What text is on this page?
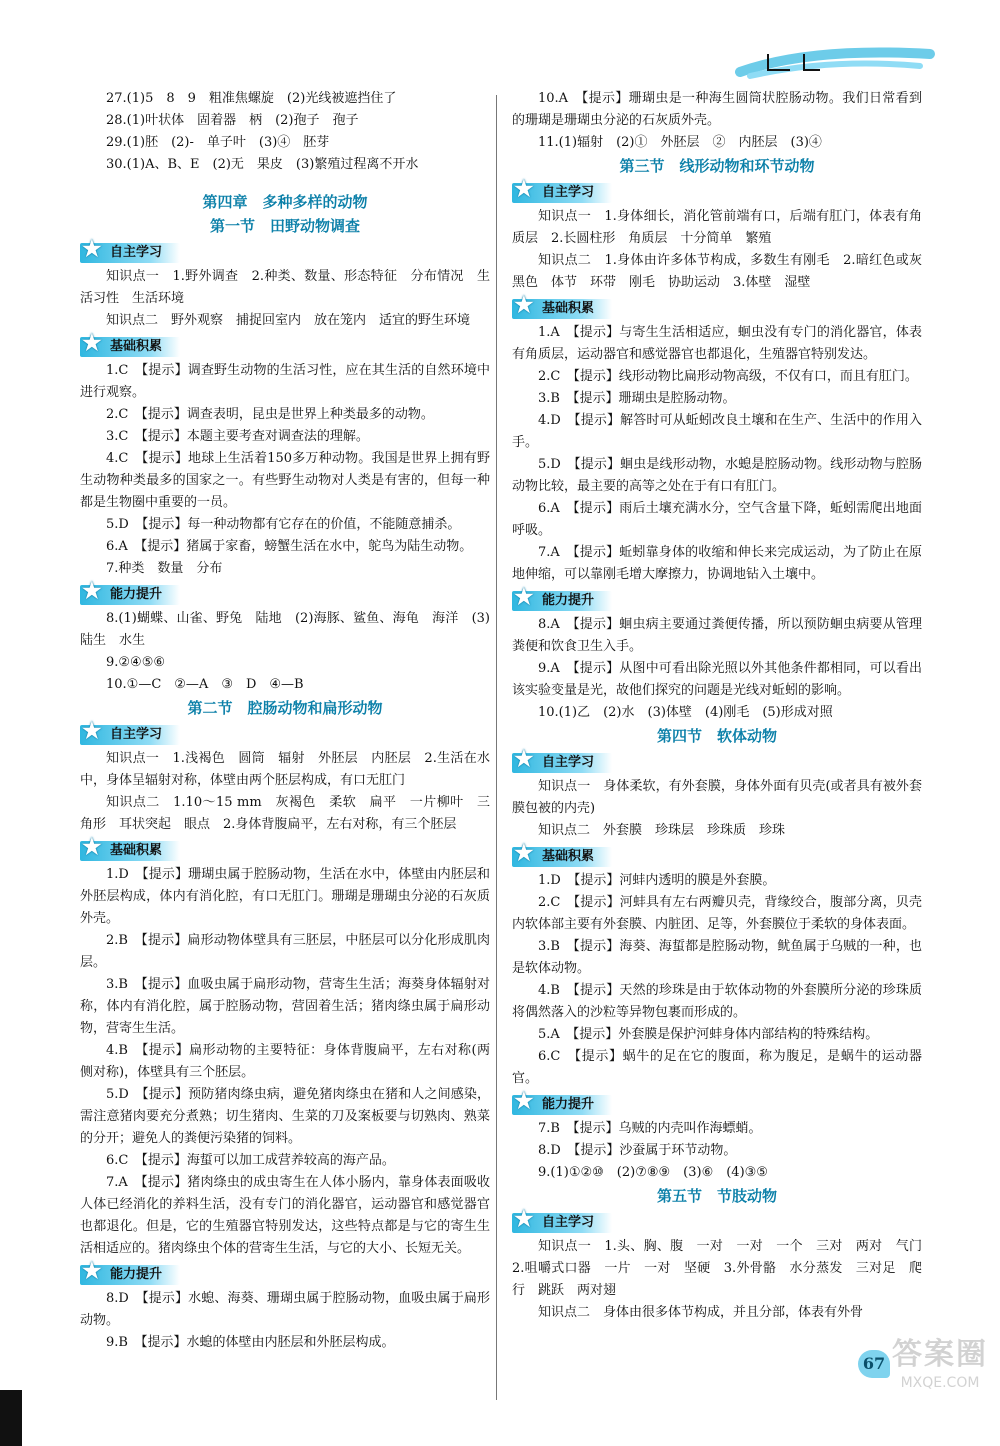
27.(1)5　8　9　粗准焦螺旋　(2)光线被遮挡住了
28.(1)叶状体　固着器　柄　(2)孢子　孢子
29.(1)胚　(2)-　单子叶　(3)④　胚芽
30.(1)A、B、E　(2)无　果皮　(3)繁殖过程离不开水
第四章　多种多样的动物
第一节　田野动物调查
★ 自主学习
知识点一　1.野外调查　2.种类、数量、形态特征　分布情况　生活习性　生活环境
知识点二　野外观察　捕捉回室内　放在笼内　适宜的野生环境
★ 基础积累
1.C　【提示】调查野生动物的生活习性，应在其生活的自然环境中进行观察。
2.C　【提示】调查表明，昆虫是世界上种类最多的动物。
3.C　【提示】本题主要考查对调查法的理解。
4.C　【提示】地球上生活着150多万种动物。我国是世界上拥有野生动物种类最多的国家之一。有些野生动物对人类是有害的，但每一种都是生物圈中重要的一员。
5.D　【提示】每一种动物都有它存在的价值，不能随意捕杀。
6.A　【提示】猪属于家畜，螃蟹生活在水中，鸵鸟为陆生动物。
7.种类　数量　分布
★ 能力提升
8.(1)蝴蝶、山雀、野兔　陆地　(2)海豚、鲨鱼、海龟　海洋　(3)陆生　水生
9.②④⑤⑥
10.①—C　②—A　③　D　④—B
第二节　腔肠动物和扁形动物
★ 自主学习
知识点一　1.浅褐色　圆筒　辐射　外胚层　内胚层　2.生活在水中，身体呈辐射对称，体壁由两个胚层构成，有口无肛门
知识点二　1.10～15 mm　灰褐色　柔软　扁平　一片柳叶　三角形　耳状突起　眼点　2.身体背腹扁平，左右对称，有三个胚层
★ 基础积累
1.D　【提示】珊瑚虫属于腔肠动物，生活在水中，体壁由内胚层和外胚层构成，体内有消化腔，有口无肛门。珊瑚是珊瑚虫分泌的石灰质外壳。
2.B　【提示】扁形动物体壁具有三胚层，中胚层可以分化形成肌肉层。
3.B　【提示】血吸虫属于扁形动物，营寄生生活；海葵身体辐射对称，体内有消化腔，属于腔肠动物，营固着生活；猪肉绦虫属于扁形动物，营寄生生活。
4.B　【提示】扁形动物的主要特征：身体背腹扁平，左右对称(两侧对称)，体壁具有三个胚层。
5.D　【提示】预防猪肉绦虫病，避免猪肉绦虫在猪和人之间感染，需注意猪肉要充分煮熟；切生猪肉、生菜的刀及案板要与切熟肉、熟菜的分开；避免人的粪便污染猪的饲料。
6.C　【提示】海蜇可以加工成营养较高的海产品。
7.A　【提示】猪肉绦虫的成虫寄生在人体小肠内，靠身体表面吸收人体已经消化的养料生活，没有专门的消化器官，运动器官和感觉器官也都退化。但是，它的生殖器官特别发达，这些特点都是与它的寄生生活相适应的。猪肉绦虫个体的营寄生生活，与它的大小、长短无关。
★ 能力提升
8.D　【提示】水螅、海葵、珊瑚虫属于腔肠动物，血吸虫属于扁形动物。
9.B　【提示】水螅的体壁由内胚层和外胚层构成。
10.A　【提示】珊瑚虫是一种海生圆筒状腔肠动物。我们日常看到的珊瑚是珊瑚虫分泌的石灰质外壳。
11.(1)辐射　(2)①　外胚层　②　内胚层　(3)④
第三节　线形动物和环节动物
★ 自主学习
知识点一　1.身体细长，消化管前端有口，后端有肛门，体表有角质层　2.长圆柱形　角质层　十分简单　繁殖
知识点二　1.身体由许多体节构成，多数生有刚毛　2.暗红色或灰黑色　体节　环带　刚毛　协助运动　3.体壁　湿壁
★ 基础积累
1.A　【提示】与寄生生活相适应，蛔虫没有专门的消化器官，体表有角质层，运动器官和感觉器官也都退化，生殖器官特别发达。
2.C　【提示】线形动物比扁形动物高级，不仅有口，而且有肛门。
3.B　【提示】珊瑚虫是腔肠动物。
4.D　【提示】解答时可从蚯蚓改良土壤和在生产、生活中的作用入手。
5.D　【提示】蛔虫是线形动物，水螅是腔肠动物。线形动物与腔肠动物比较，最主要的高等之处在于有口有肛门。
6.A　【提示】雨后土壤充满水分，空气含量下降，蚯蚓需爬出地面呼吸。
7.A　【提示】蚯蚓靠身体的收缩和伸长来完成运动，为了防止在原地伸缩，可以靠刚毛增大摩擦力，协调地钻入土壤中。
★ 能力提升
8.A　【提示】蛔虫病主要通过粪便传播，所以预防蛔虫病要从管理粪便和饮食卫生入手。
9.A　【提示】从图中可看出除光照以外其他条件都相同，可以看出该实验变量是光，故他们探究的问题是光线对蚯蚓的影响。
10.(1)乙　(2)水　(3)体壁　(4)刚毛　(5)形成对照
第四节　软体动物
★ 自主学习
知识点一　身体柔软，有外套膜，身体外面有贝壳(或者具有被外套膜包被的内壳)
知识点二　外套膜　珍珠层　珍珠质　珍珠
★ 基础积累
1.D　【提示】河蚌内透明的膜是外套膜。
2.C　【提示】河蚌具有左右两瓣贝壳，背缘绞合，腹部分离，贝壳内软体部主要有外套膜、内脏团、足等，外套膜位于柔软的身体表面。
3.B　【提示】海葵、海蜇都是腔肠动物，鱿鱼属于乌贼的一种，也是软体动物。
4.B　【提示】天然的珍珠是由于软体动物的外套膜所分泌的珍珠质将偶然落入的沙粒等异物包裹而形成的。
5.A　【提示】外套膜是保护河蚌身体内部结构的特殊结构。
6.C　【提示】蜗牛的足在它的腹面，称为腹足，是蜗牛的运动器官。
★ 能力提升
7.B　【提示】乌贼的内壳叫作海螵蛸。
8.D　【提示】沙蚕属于环节动物。
9.(1)①②⑩　(2)⑦⑧⑨　(3)⑥　(4)③⑤
第五节　节肢动物
★ 自主学习
知识点一　1.头、胸、腹　一对　一对　一个　三对　两对　气门　2.咀嚼式口器　一片　一对　坚硬　3.外骨骼　水分蒸发　三对足　爬行　跳跃　两对翅
知识点二　身体由很多体节构成，并且分部，体表有外骨
67 答案圈
MXQE.COM
